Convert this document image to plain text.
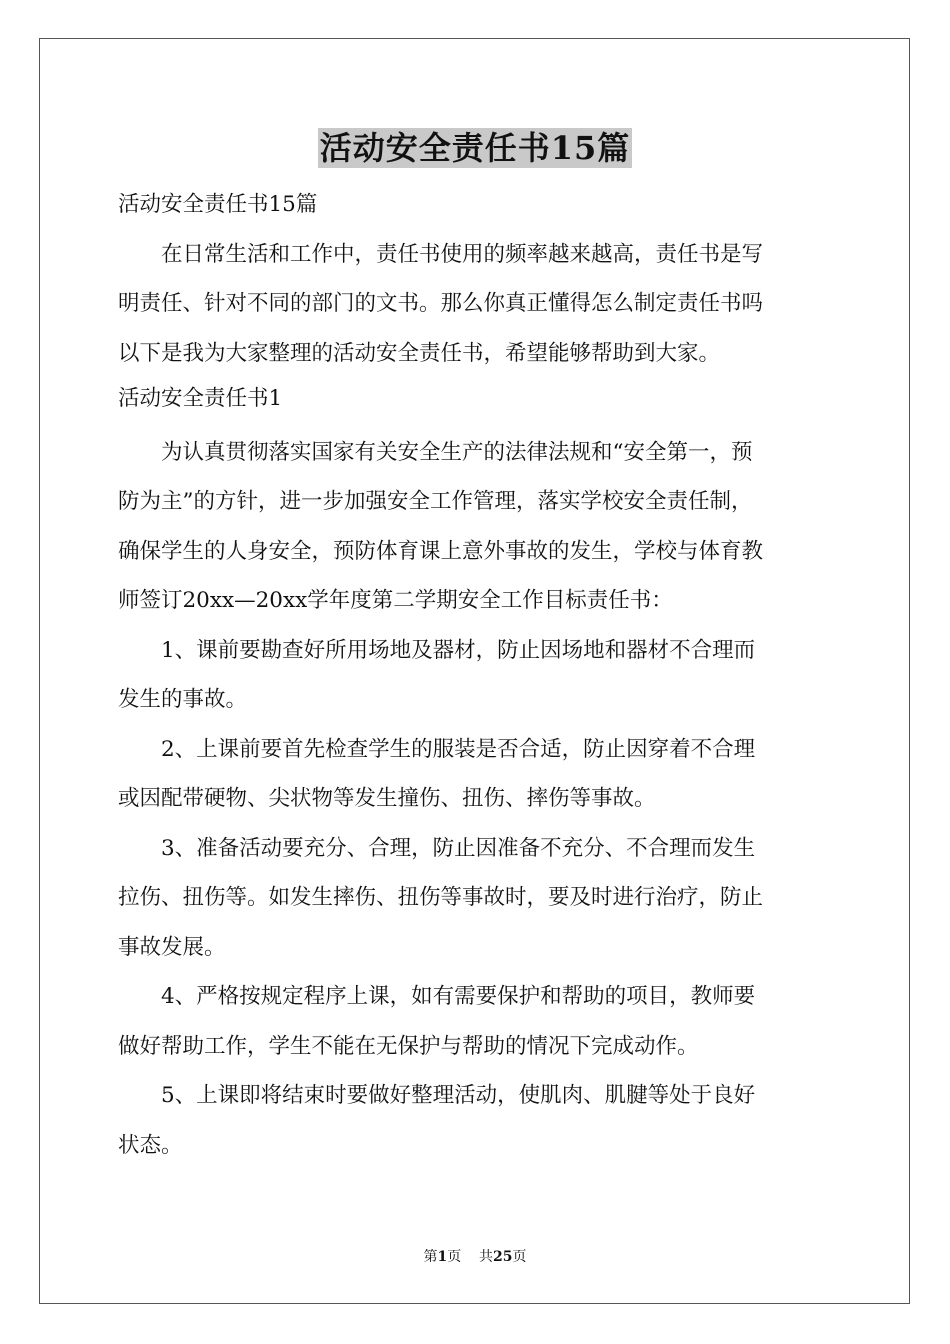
活动安全责任书15篇
活动安全责任书15篇
在日常生活和工作中，责任书使用的频率越来越高，责任书是写
明责任、针对不同的部门的文书。那么你真正懂得怎么制定责任书吗
以下是我为大家整理的活动安全责任书，希望能够帮助到大家。
活动安全责任书1
为认真贯彻落实国家有关安全生产的法律法规和“安全第一，预
防为主”的方针，进一步加强安全工作管理，落实学校安全责任制，
确保学生的人身安全，预防体育课上意外事故的发生，学校与体育教
师签订20xx—20xx学年度第二学期安全工作目标责任书：
1、课前要勘查好所用场地及器材，防止因场地和器材不合理而
发生的事故。
2、上课前要首先检查学生的服装是否合适，防止因穿着不合理
或因配带硬物、尖状物等发生撞伤、扭伤、摔伤等事故。
3、准备活动要充分、合理，防止因准备不充分、不合理而发生
拉伤、扭伤等。如发生摔伤、扭伤等事故时，要及时进行治疗，防止
事故发展。
4、严格按规定程序上课，如有需要保护和帮助的项目，教师要
做好帮助工作，学生不能在无保护与帮助的情况下完成动作。
5、上课即将结束时要做好整理活动，使肌肉、肌腱等处于良好
状态。
第1页 共25页
